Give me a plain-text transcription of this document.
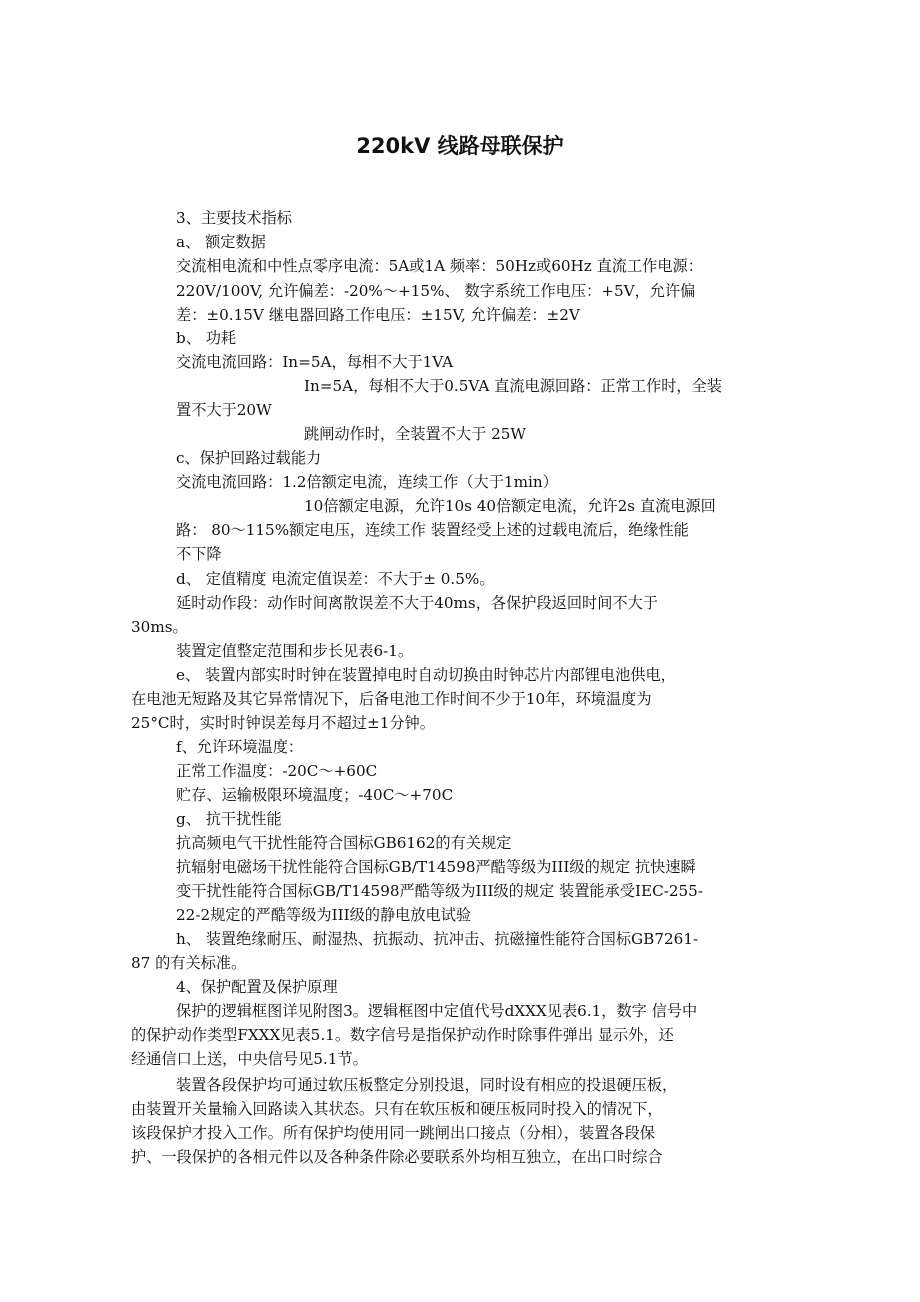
220kV 线路母联保护
3、主要技术指标
a、 额定数据
交流相电流和中性点零序电流：5A或1A 频率：50Hz或60Hz 直流工作电源：
220V/100V, 允许偏差：-20%〜+15%、 数字系统工作电压：+5V，允许偏
差：±0.15V 继电器回路工作电压：±15V, 允许偏差：±2V
b、 功耗
交流电流回路：In=5A，每相不大于1VA
In=5A，每相不大于0.5VA 直流电源回路：正常工作时，全装
置不大于20W
跳闸动作时，全装置不大于 25W
c、保护回路过载能力
交流电流回路：1.2倍额定电流，连续工作（大于1min）
10倍额定电源，允许10s 40倍额定电流，允许2s 直流电源回
路： 80〜115%额定电压，连续工作 装置经受上述的过载电流后，绝缘性能
不下降
d、 定值精度 电流定值误差：不大于± 0.5%。
延时动作段：动作时间离散误差不大于40ms，各保护段返回时间不大于
30ms。
装置定值整定范围和步长见表6-1。
e、 装置内部实时时钟在装置掉电时自动切换由时钟芯片内部锂电池供电，
在电池无短路及其它异常情况下，后备电池工作时间不少于10年，环境温度为
25°C时，实时时钟误差每月不超过±1分钟。
f、允许环境温度：
正常工作温度：-20C〜+60C
贮存、运输极限环境温度；-40C〜+70C
g、 抗干扰性能
抗高频电气干扰性能符合国标GB6162的有关规定
抗辐射电磁场干扰性能符合国标GB/T14598严酷等级为III级的规定 抗快速瞬
变干扰性能符合国标GB/T14598严酷等级为III级的规定 装置能承受IEC-255-
22-2规定的严酷等级为III级的静电放电试验
h、 装置绝缘耐压、耐湿热、抗振动、抗冲击、抗磁撞性能符合国标GB7261-
87 的有关标准。
4、保护配置及保护原理
保护的逻辑框图详见附图3。逻辑框图中定值代号dXXX见表6.1，数字 信号中
的保护动作类型FXXX见表5.1。数字信号是指保护动作时除事件弹出 显示外，还
经通信口上送，中央信号见5.1节。
装置各段保护均可通过软压板整定分别投退，同时设有相应的投退硬压板，
由装置开关量输入回路读入其状态。只有在软压板和硬压板同时投入的情况下，
该段保护才投入工作。所有保护均使用同一跳闸出口接点（分相），装置各段保
护、一段保护的各相元件以及各种条件除必要联系外均相互独立，在出口时综合
